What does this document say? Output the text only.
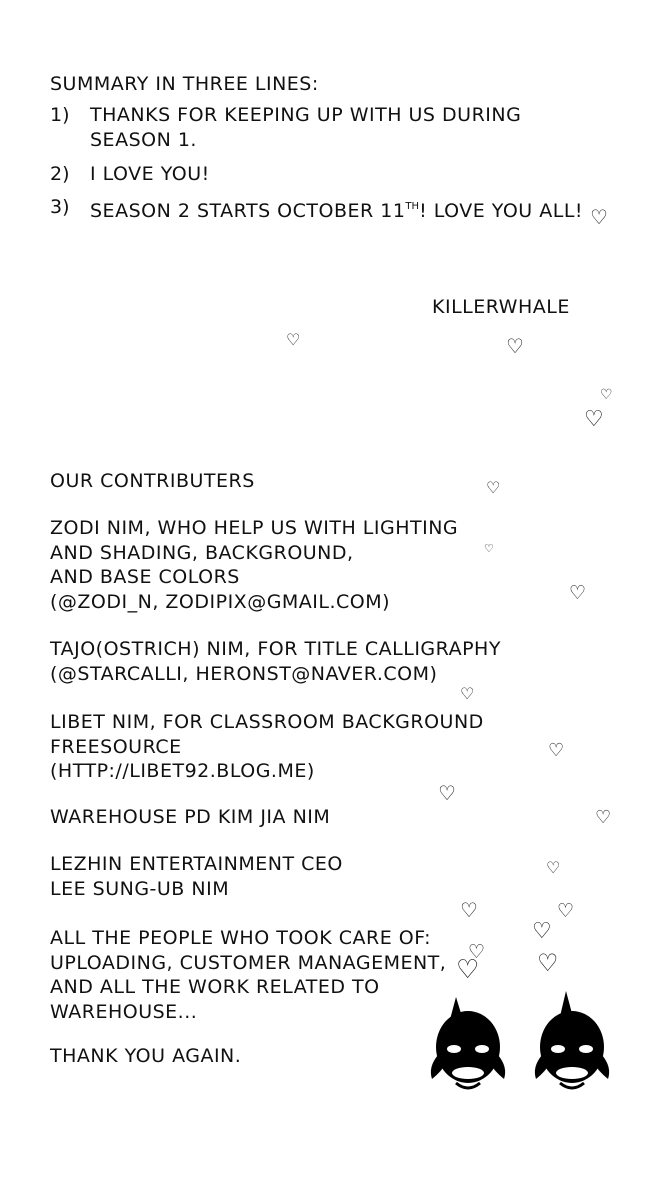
SUMMARY IN THREE LINES:
1) THANKS FOR KEEPING UP WITH US DURING
SEASON 1.
2) I LOVE YOU!
3) SEASON 2 STARTS OCTOBER 11TH! LOVE YOU ALL!
KILLERWHALE
OUR CONTRIBUTERS
ZODI NIM, WHO HELP US WITH LIGHTING
AND SHADING, BACKGROUND,
AND BASE COLORS
(@ZODI_N, ZODIPIX@GMAIL.COM)
TAJO(OSTRICH) NIM, FOR TITLE CALLIGRAPHY
(@STARCALLI, HERONST@NAVER.COM)
LIBET NIM, FOR CLASSROOM BACKGROUND
FREESOURCE
(HTTP://LIBET92.BLOG.ME)
WAREHOUSE PD KIM JIA NIM
LEZHIN ENTERTAINMENT CEO
LEE SUNG-UB NIM
ALL THE PEOPLE WHO TOOK CARE OF:
UPLOADING, CUSTOMER MANAGEMENT,
AND ALL THE WORK RELATED TO
WAREHOUSE...
THANK YOU AGAIN.
♡
♡	♡
♡
♡
♡
♡
♡
♡
♡
♡
♡
♡
♡	♡
♡
♡
♡ ♡
